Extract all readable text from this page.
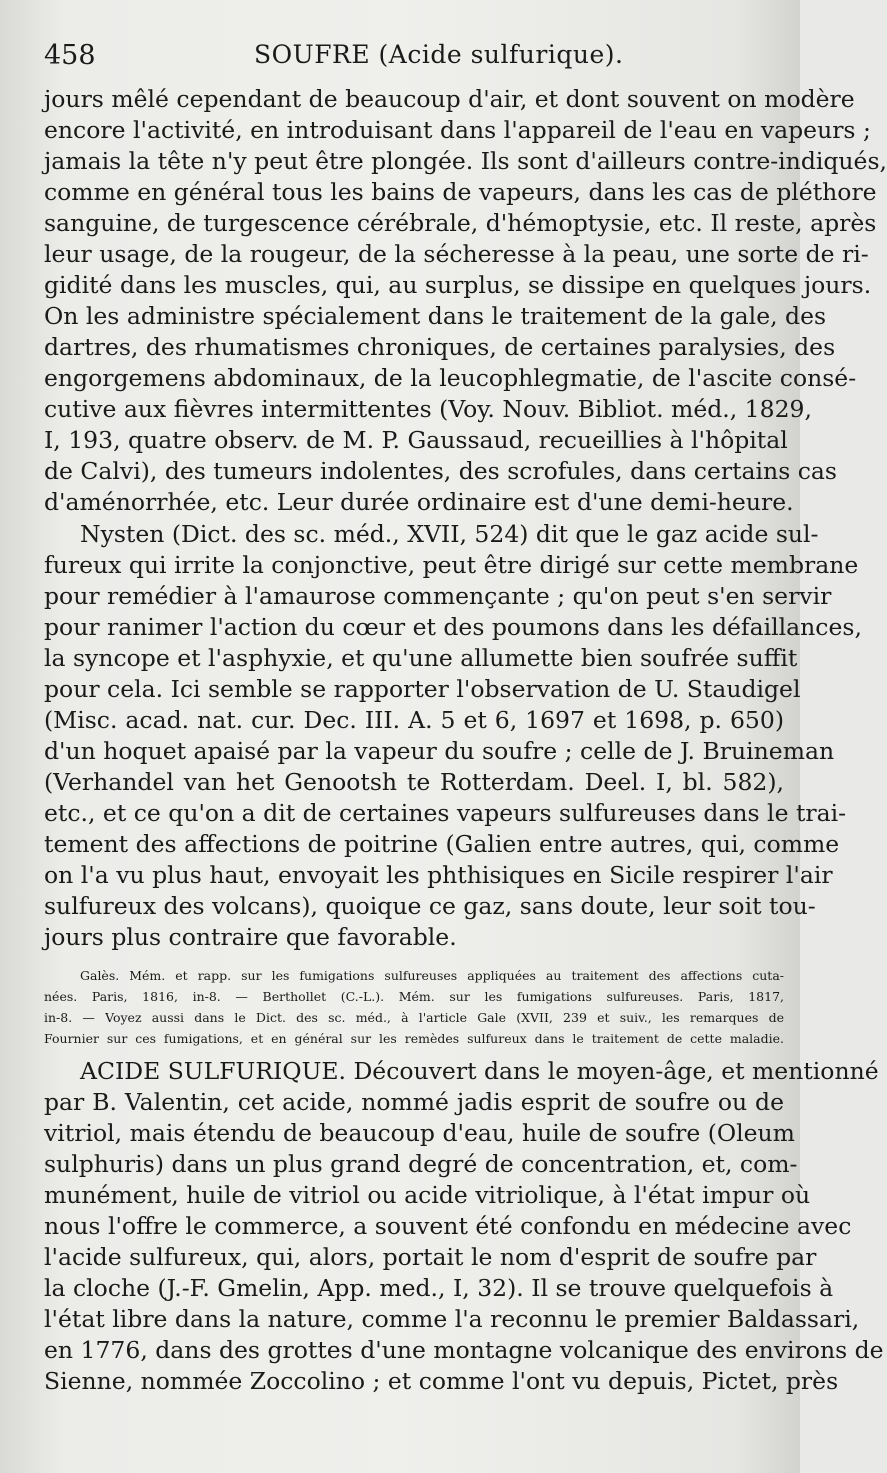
458	SOUFRE (Acide sulfurique).
jours mêlé cependant de beaucoup d'air, et dont souvent on modère
encore l'activité, en introduisant dans l'appareil de l'eau en vapeurs ;
jamais la tête n'y peut être plongée. Ils sont d'ailleurs contre-indiqués,
comme en général tous les bains de vapeurs, dans les cas de pléthore
sanguine, de turgescence cérébrale, d'hémoptysie, etc. Il reste, après
leur usage, de la rougeur, de la sécheresse à la peau, une sorte de ri-
gidité dans les muscles, qui, au surplus, se dissipe en quelques jours.
On les administre spécialement dans le traitement de la gale, des
dartres, des rhumatismes chroniques, de certaines paralysies, des
engorgemens abdominaux, de la leucophlegmatie, de l'ascite consé-
cutive aux fièvres intermittentes (Voy. Nouv. Bibliot. méd., 1829,
I, 193, quatre observ. de M. P. Gaussaud, recueillies à l'hôpital
de Calvi), des tumeurs indolentes, des scrofules, dans certains cas
d'aménorrhée, etc. Leur durée ordinaire est d'une demi-heure.
Nysten (Dict. des sc. méd., XVII, 524) dit que le gaz acide sul-
fureux qui irrite la conjonctive, peut être dirigé sur cette membrane
pour remédier à l'amaurose commençante ; qu'on peut s'en servir
pour ranimer l'action du cœur et des poumons dans les défaillances,
la syncope et l'asphyxie, et qu'une allumette bien soufrée suffit
pour cela. Ici semble se rapporter l'observation de U. Staudigel
(Misc. acad. nat. cur. Dec. III. A. 5 et 6, 1697 et 1698, p. 650)
d'un hoquet apaisé par la vapeur du soufre ; celle de J. Bruineman
(Verhandel van het Genootsh te Rotterdam. Deel. I, bl. 582),
etc., et ce qu'on a dit de certaines vapeurs sulfureuses dans le trai-
tement des affections de poitrine (Galien entre autres, qui, comme
on l'a vu plus haut, envoyait les phthisiques en Sicile respirer l'air
sulfureux des volcans), quoique ce gaz, sans doute, leur soit tou-
jours plus contraire que favorable.
Galès. Mém. et rapp. sur les fumigations sulfureuses appliquées au traitement des affections cuta-
nées. Paris, 1816, in-8. — Berthollet (C.-L.). Mém. sur les fumigations sulfureuses. Paris, 1817,
in-8. — Voyez aussi dans le Dict. des sc. méd., à l'article Gale (XVII, 239 et suiv., les remarques de
Fournier sur ces fumigations, et en général sur les remèdes sulfureux dans le traitement de cette maladie.
ACIDE SULFURIQUE. Découvert dans le moyen-âge, et mentionné
par B. Valentin, cet acide, nommé jadis esprit de soufre ou de
vitriol, mais étendu de beaucoup d'eau, huile de soufre (Oleum
sulphuris) dans un plus grand degré de concentration, et, com-
munément, huile de vitriol ou acide vitriolique, à l'état impur où
nous l'offre le commerce, a souvent été confondu en médecine avec
l'acide sulfureux, qui, alors, portait le nom d'esprit de soufre par
la cloche (J.-F. Gmelin, App. med., I, 32). Il se trouve quelquefois à
l'état libre dans la nature, comme l'a reconnu le premier Baldassari,
en 1776, dans des grottes d'une montagne volcanique des environs de
Sienne, nommée Zoccolino ; et comme l'ont vu depuis, Pictet, près
